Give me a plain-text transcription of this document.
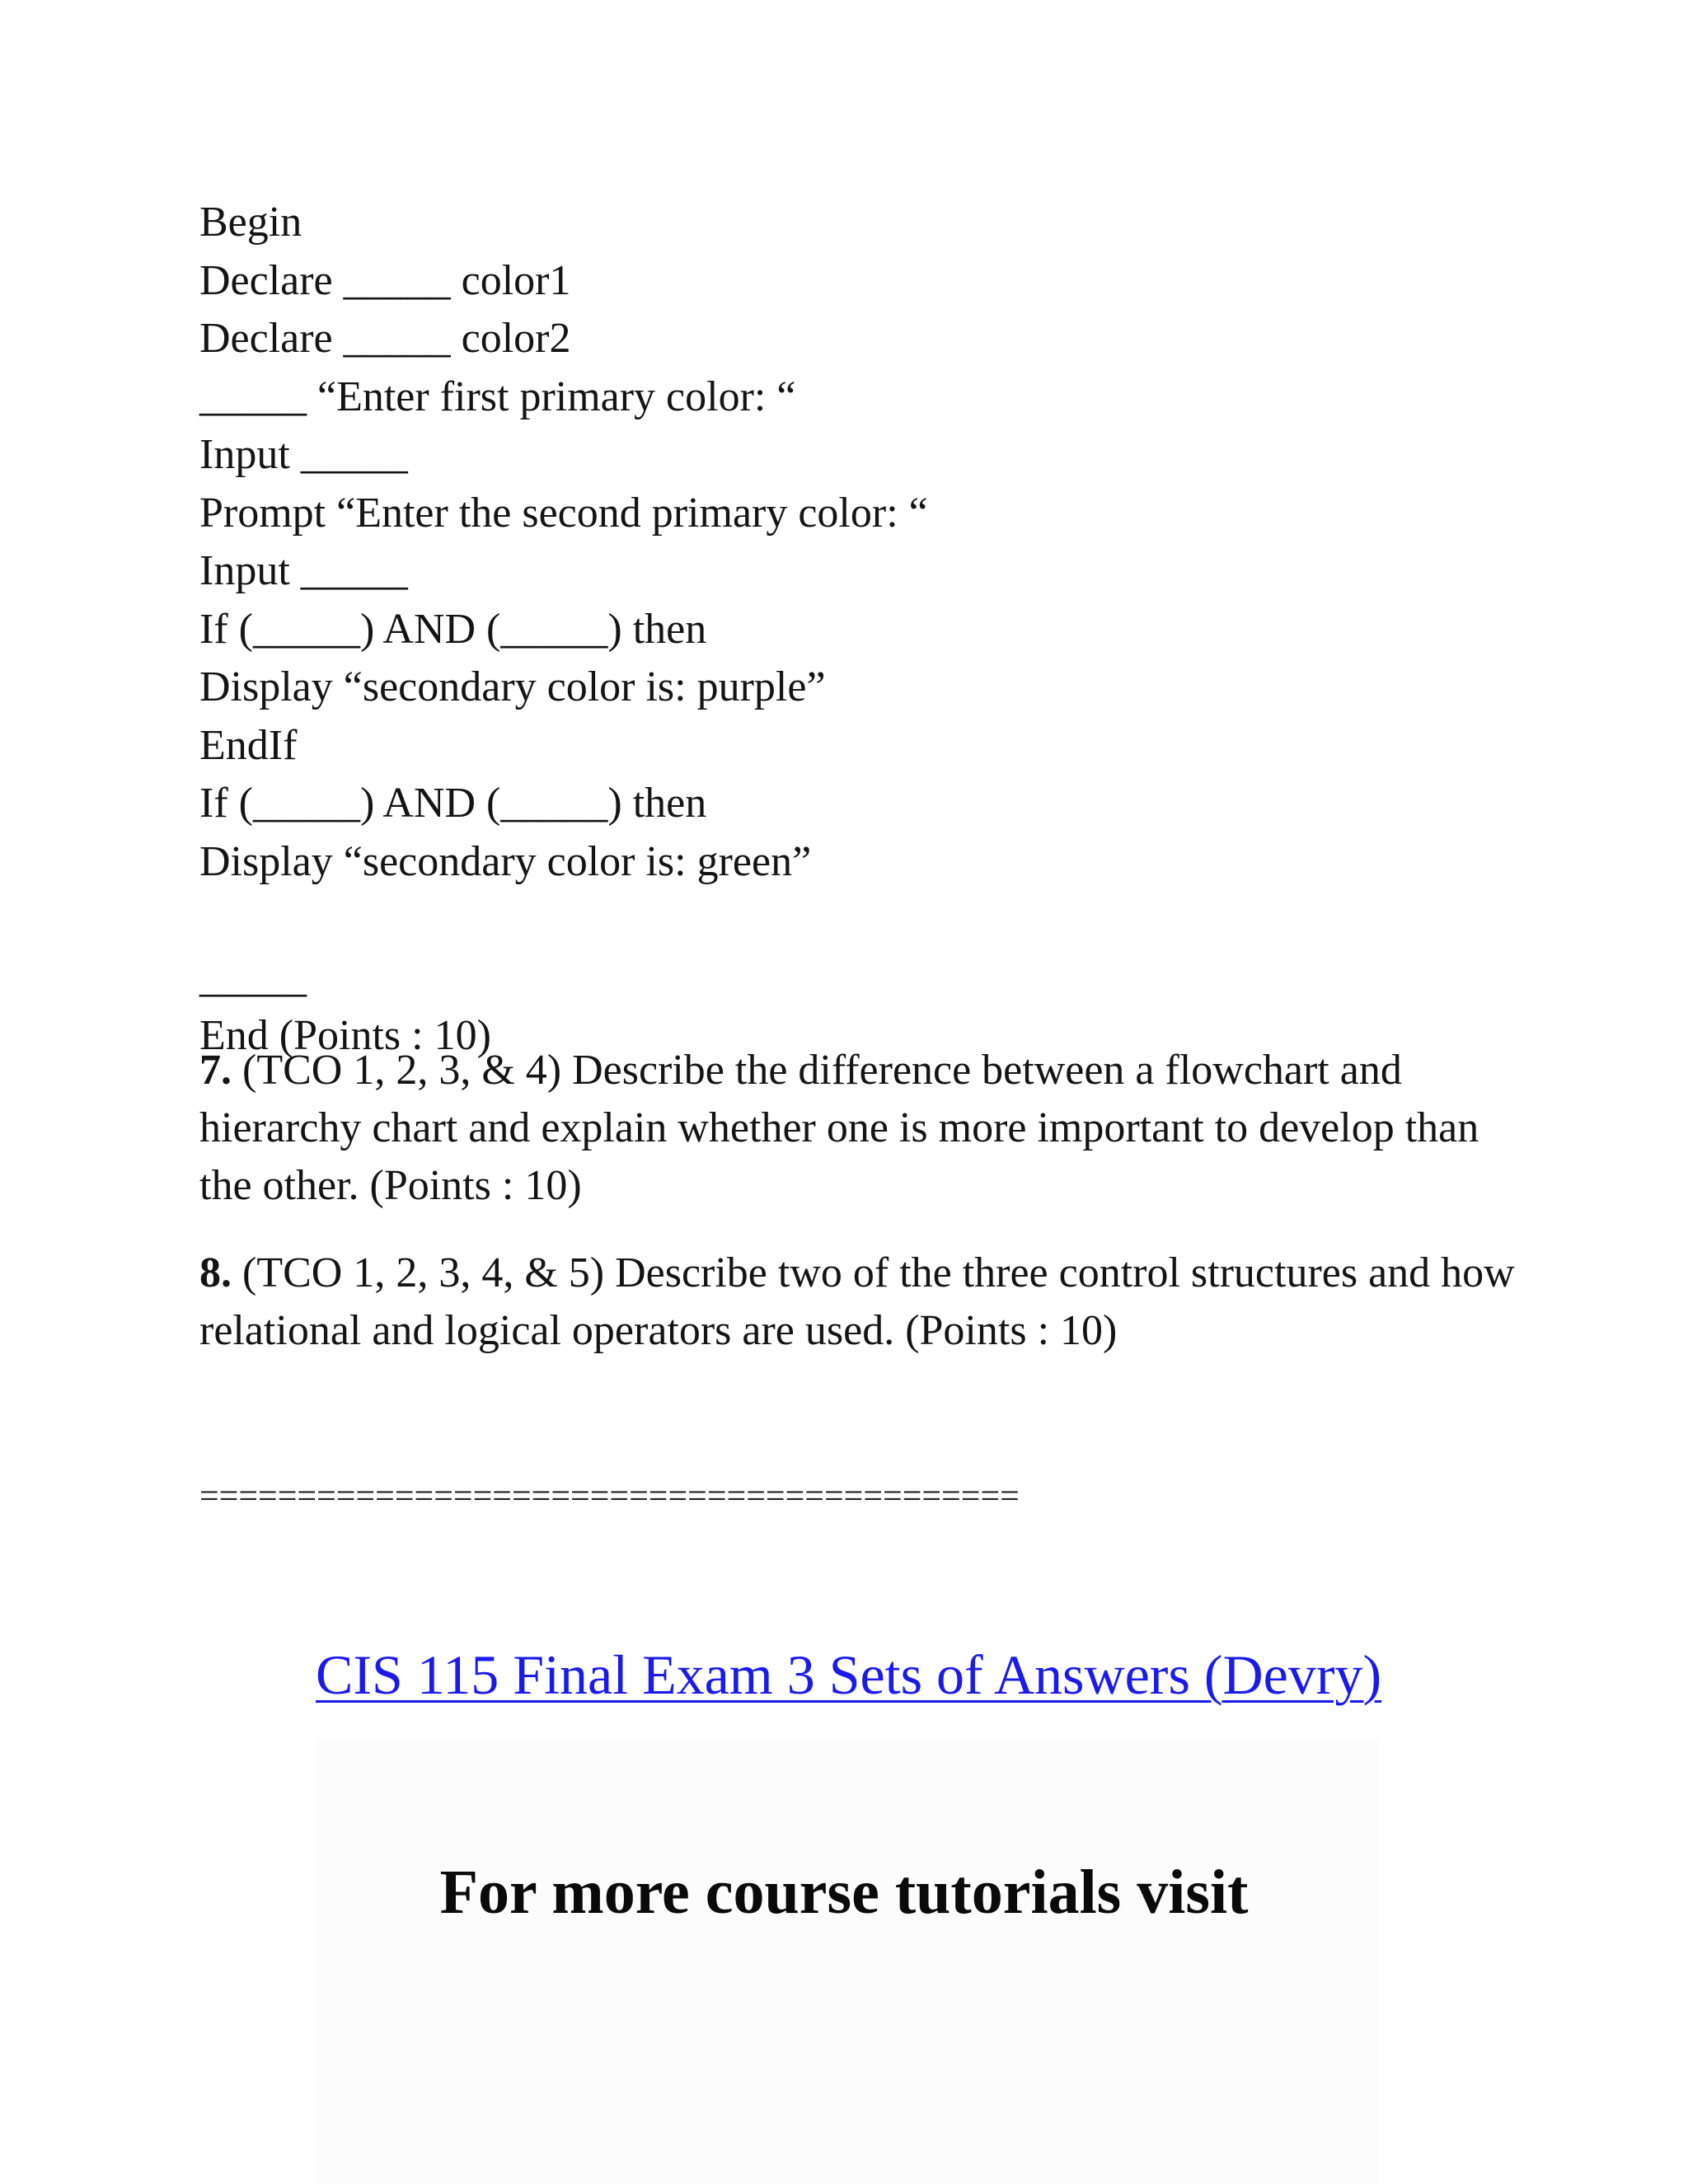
Begin

Declare _____ color1

Declare _____ color2

_____ “Enter first primary color: “

Input _____

Prompt “Enter the second primary color: “

Input _____

If (_____) AND (_____) then

Display “secondary color is: purple”

EndIf

If (_____) AND (_____) then

Display “secondary color is: green”

_____

End (Points : 10)

7. (TCO 1, 2, 3, & 4) Describe the difference between a flowchart and hierarchy chart and explain whether one is more important to develop than the other. (Points : 10)

8. (TCO 1, 2, 3, 4, & 5) Describe two of the three control structures and how relational and logical operators are used. (Points : 10)

==========================================
CIS 115 Final Exam 3 Sets of Answers (Devry)
For more course tutorials visit
